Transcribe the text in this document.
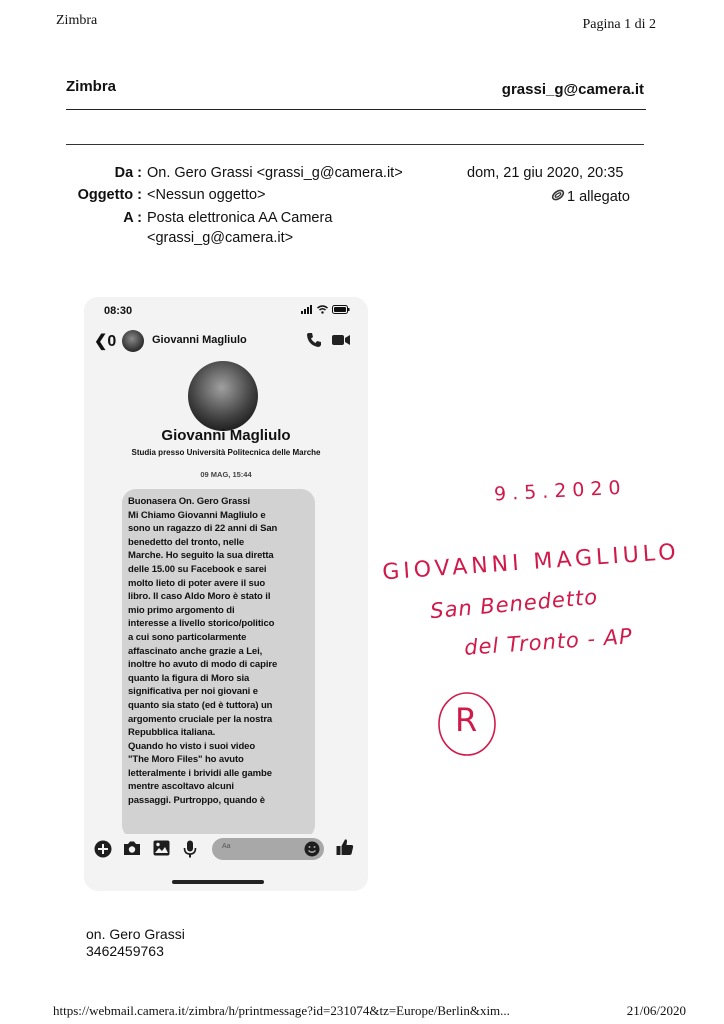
Zimbra	Pagina 1 di 2
Zimbra	grassi_g@camera.it
Da : On. Gero Grassi <grassi_g@camera.it>
Oggetto : <Nessun oggetto>
A : Posta elettronica AA Camera
<grassi_g@camera.it>
dom, 21 giu 2020, 20:35
1 allegato
08:30
❮0	Giovanni Magliulo
Giovanni Magliulo
Studia presso Università Politecnica delle Marche
09 MAG, 15:44
Buonasera On. Gero Grassi
Mi Chiamo Giovanni Magliulo e
sono un ragazzo di 22 anni di San
benedetto del tronto, nelle
Marche. Ho seguito la sua diretta
delle 15.00 su Facebook e sarei
molto lieto di poter avere il suo
libro. Il caso Aldo Moro è stato il
mio primo argomento di
interesse a livello storico/politico
a cui sono particolarmente
affascinato anche grazie a Lei,
inoltre ho avuto di modo di capire
quanto la figura di Moro sia
significativa per noi giovani e
quanto sia stato (ed è tuttora) un
argomento cruciale per la nostra
Repubblica italiana.
Quando ho visto i suoi video
"The Moro Files" ho avuto
letteralmente i brividi alle gambe
mentre ascoltavo alcuni
passaggi. Purtroppo, quando è
Aa
9.5.2020
GIOVANNI MAGLIULO
San Benedetto
del Tronto - AP
R
on. Gero Grassi
3462459763
https://webmail.camera.it/zimbra/h/printmessage?id=231074&tz=Europe/Berlin&xim...	21/06/2020
